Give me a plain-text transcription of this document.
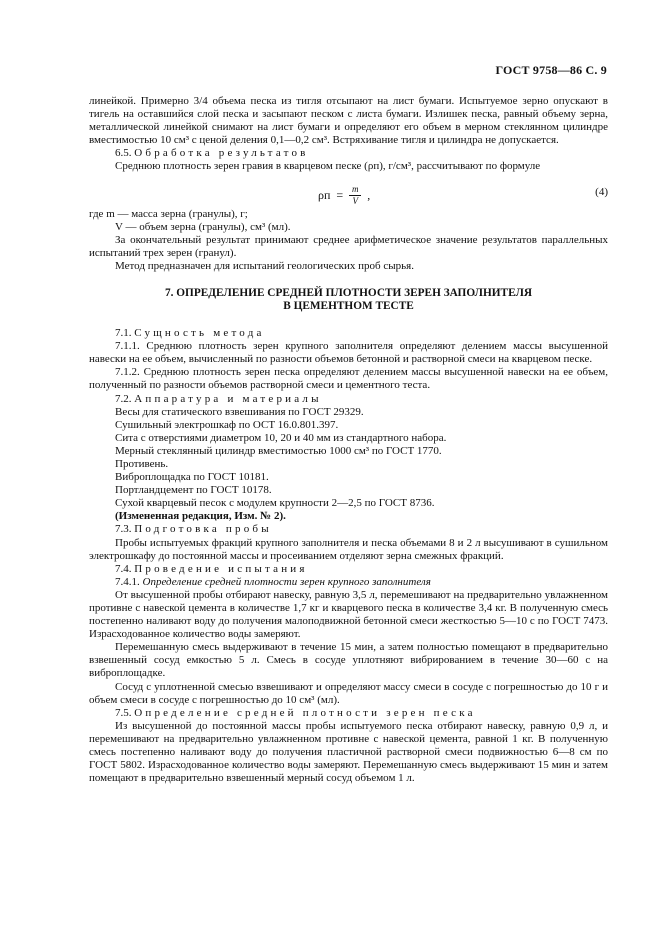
ГОСТ 9758—86 С. 9

линейкой. Примерно 3/4 объема песка из тигля отсыпают на лист бумаги. Испытуемое зерно опускают в тигель на оставшийся слой песка и засыпают песком с листа бумаги. Излишек песка, равный объему зерна, металлической линейкой снимают на лист бумаги и определяют его объем в мерном стеклянном цилиндре вместимостью 10 см³ с ценой деления 0,1—0,2 см³. Встряхивание тигля и цилиндра не допускается.

6.5. Обработка результатов

Среднюю плотность зерен гравия в кварцевом песке (ρп), г/см³, рассчитывают по формуле

$\rho п = \frac{m}{V}$ ,	(4)

где m — масса зерна (гранулы), г;

V — объем зерна (гранулы), см³ (мл).

За окончательный результат принимают среднее арифметическое значение результатов параллельных испытаний трех зерен (гранул).

Метод предназначен для испытаний геологических проб сырья.

7. ОПРЕДЕЛЕНИЕ СРЕДНЕЙ ПЛОТНОСТИ ЗЕРЕН ЗАПОЛНИТЕЛЯ
В ЦЕМЕНТНОМ ТЕСТЕ

7.1. Сущность метода

7.1.1. Среднюю плотность зерен крупного заполнителя определяют делением массы высушенной навески на ее объем, вычисленный по разности объемов бетонной и растворной смеси на кварцевом песке.

7.1.2. Среднюю плотность зерен песка определяют делением массы высушенной навески на ее объем, полученный по разности объемов растворной смеси и цементного теста.

7.2. Аппаратура и материалы

Весы для статического взвешивания по ГОСТ 29329.

Сушильный электрошкаф по ОСТ 16.0.801.397.

Сита с отверстиями диаметром 10, 20 и 40 мм из стандартного набора.

Мерный стеклянный цилиндр вместимостью 1000 см³ по ГОСТ 1770.

Противень.

Виброплощадка по ГОСТ 10181.

Портландцемент по ГОСТ 10178.

Сухой кварцевый песок с модулем крупности 2—2,5 по ГОСТ 8736.

(Измененная редакция, Изм. № 2).

7.3. Подготовка пробы

Пробы испытуемых фракций крупного заполнителя и песка объемами 8 и 2 л высушивают в сушильном электрошкафу до постоянной массы и просеиванием отделяют зерна смежных фракций.

7.4. Проведение испытания

7.4.1. Определение средней плотности зерен крупного заполнителя

От высушенной пробы отбирают навеску, равную 3,5 л, перемешивают на предварительно увлажненном противне с навеской цемента в количестве 1,7 кг и кварцевого песка в количестве 3,4 кг. В полученную смесь постепенно наливают воду до получения малоподвижной бетонной смеси жесткостью 5—10 с по ГОСТ 7473. Израсходованное количество воды замеряют.

Перемешанную смесь выдерживают в течение 15 мин, а затем полностью помещают в предварительно взвешенный сосуд емкостью 5 л. Смесь в сосуде уплотняют вибрированием в течение 30—60 с на виброплощадке.

Сосуд с уплотненной смесью взвешивают и определяют массу смеси в сосуде с погрешностью до 10 г и объем смеси в сосуде с погрешностью до 10 см³ (мл).

7.5. Определение средней плотности зерен песка

Из высушенной до постоянной массы пробы испытуемого песка отбирают навеску, равную 0,9 л, и перемешивают на предварительно увлажненном противне с навеской цемента, равной 1 кг. В полученную смесь постепенно наливают воду до получения пластичной растворной смеси подвижностью 6—8 см по ГОСТ 5802. Израсходованное количество воды замеряют. Перемешанную смесь выдерживают 15 мин и затем помещают в предварительно взвешенный мерный сосуд объемом 1 л.
